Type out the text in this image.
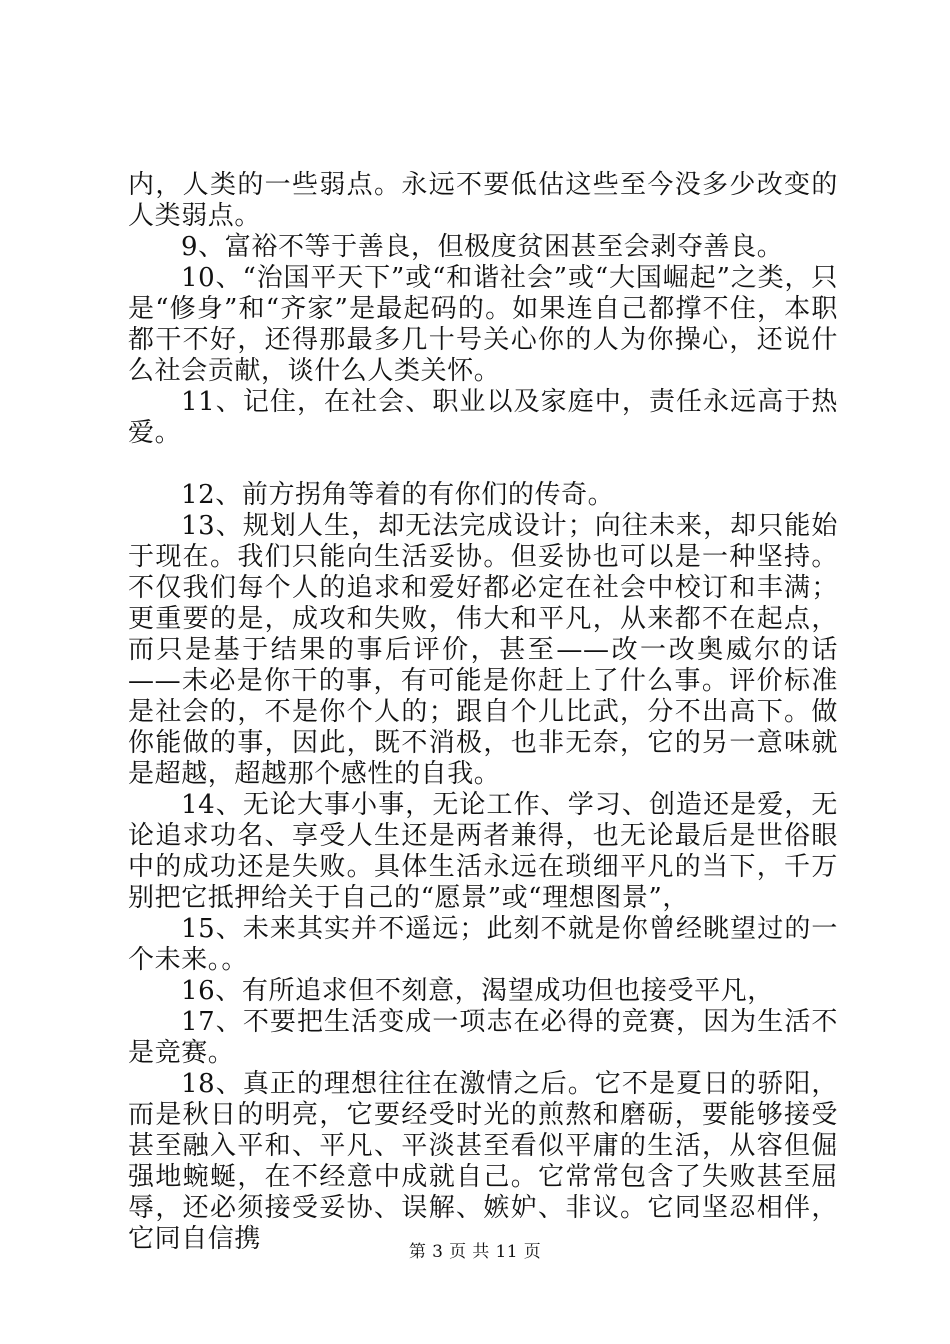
内，人类的一些弱点。永远不要低估这些至今没多少改变的人类弱点。

9、富裕不等于善良，但极度贫困甚至会剥夺善良。

10、“治国平天下”或“和谐社会”或“大国崛起”之类，只是“修身”和“齐家”是最起码的。如果连自己都撑不住，本职都干不好，还得那最多几十号关心你的人为你操心，还说什么社会贡献，谈什么人类关怀。

11、记住，在社会、职业以及家庭中，责任永远高于热爱。

12、前方拐角等着的有你们的传奇。

13、规划人生，却无法完成设计；向往未来，却只能始于现在。我们只能向生活妥协。但妥协也可以是一种坚持。不仅我们每个人的追求和爱好都必定在社会中校订和丰满；更重要的是，成攻和失败，伟大和平凡，从来都不在起点，而只是基于结果的事后评价，甚至——改一改奥威尔的话——未必是你干的事，有可能是你赶上了什么事。评价标准是社会的，不是你个人的；跟自个儿比武，分不出高下。做你能做的事，因此，既不消极，也非无奈，它的另一意味就是超越，超越那个感性的自我。

14、无论大事小事，无论工作、学习、创造还是爱，无论追求功名、享受人生还是两者兼得，也无论最后是世俗眼中的成功还是失败。具体生活永远在琐细平凡的当下，千万别把它抵押给关于自己的“愿景”或“理想图景”，

15、未来其实并不遥远；此刻不就是你曾经眺望过的一个未来。。

16、有所追求但不刻意，渴望成功但也接受平凡，

17、不要把生活变成一项志在必得的竞赛，因为生活不是竞赛。

18、真正的理想往往在激情之后。它不是夏日的骄阳，而是秋日的明亮，它要经受时光的煎熬和磨砺，要能够接受甚至融入平和、平凡、平淡甚至看似平庸的生活，从容但倔强地蜿蜒，在不经意中成就自己。它常常包含了失败甚至屈辱，还必须接受妥协、误解、嫉妒、非议。它同坚忍相伴，它同自信携	第 3 页 共 11 页
